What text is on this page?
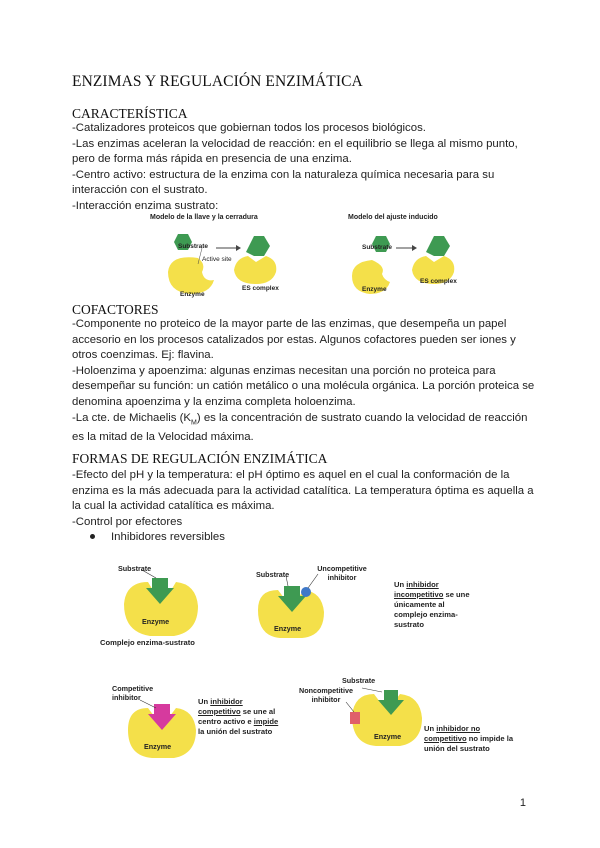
ENZIMAS Y REGULACIÓN ENZIMÁTICA
CARACTERÍSTICA
-Catalizadores proteicos que gobiernan todos los procesos biológicos.
-Las enzimas aceleran la velocidad de reacción: en el equilibrio se llega al mismo punto,
pero de forma más rápida en presencia de una enzima.
-Centro activo: estructura de la enzima con la naturaleza química necesaria para su
interacción con el sustrato.
-Interacción enzima sustrato:
Modelo de la llave y la cerradura	Modelo del ajuste inducido
Substrate
Active site
Enzyme
ES complex
Substrate
Enzyme
ES complex
COFACTORES
-Componente no proteico de la mayor parte de las enzimas, que desempeña un papel
accesorio en los procesos catalizados por estas. Algunos cofactores pueden ser iones y
otros coenzimas. Ej: flavina.
-Holoenzima y apoenzima: algunas enzimas necesitan una porción no proteica para
desempeñar su función: un catión metálico o una molécula orgánica. La porción proteica se
denomina apoenzima y la enzima completa holoenzima.
-La cte. de Michaelis $(K_M)$ es la concentración de sustrato cuando la velocidad de reacción
es la mitad de la Velocidad máxima.
FORMAS DE REGULACIÓN ENZIMÁTICA
-Efecto del pH y la temperatura: el pH óptimo es aquel en el cual la conformación de la
enzima es la más adecuada para la actividad catalítica. La temperatura óptima es aquella a
la cual la actividad catalítica es máxima.
-Control por efectores
Inhibidores reversibles
Substrate
Enzyme
Complejo enzima-sustrato
Substrate
Uncompetitive inhibitor
Enzyme
Un inhibidor incompetitivo se une únicamente al complejo enzima-sustrato
Competitive inhibitor
Enzyme
Un inhibidor competitivo se une al centro activo e impide la unión del sustrato
Substrate
Noncompetitive inhibitor
Enzyme
Un inhibidor no competitivo no impide la unión del sustrato
1
